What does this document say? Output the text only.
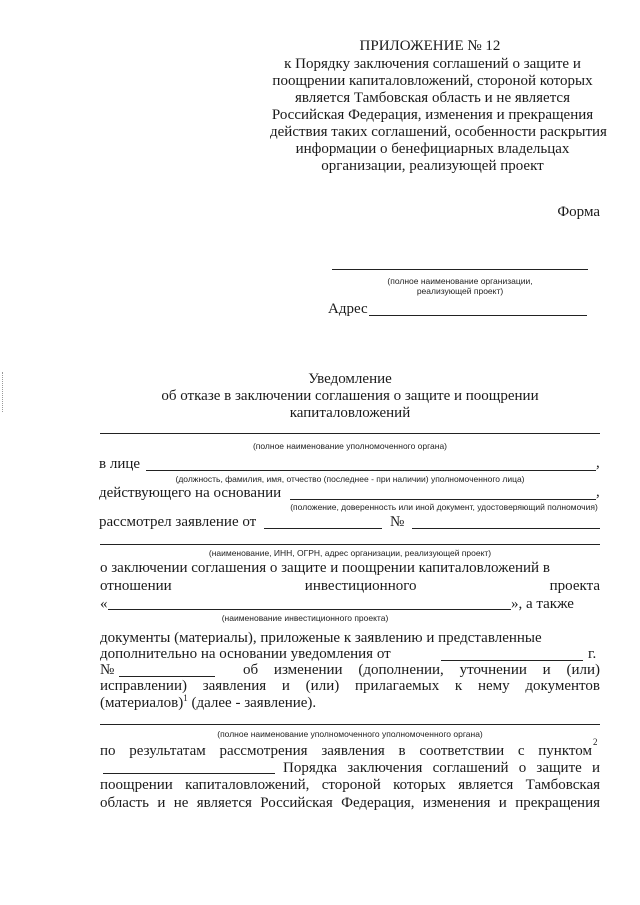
ПРИЛОЖЕНИЕ № 12
к Порядку заключения соглашений о защите и
поощрении капиталовложений, стороной которых
является Тамбовская область и не является
Российская Федерация, изменения и прекращения
действия таких соглашений, особенности раскрытия
информации о бенефициарных владельцах
организации, реализующей проект
Форма
(полное наименование организации,
реализующей проект)
Адрес
Уведомление
об отказе в заключении соглашения о защите и поощрении
капиталовложений
(полное наименование уполномоченного органа)
в лице	,
(должность, фамилия, имя, отчество (последнее - при наличии) уполномоченного лица)
действующего на основании	,
(положение, доверенность или иной документ, удостоверяющий полномочия)
рассмотрел заявление от	№
(наименование, ИНН, ОГРН, адрес организации, реализующей проект)
о заключении соглашения о защите и поощрении капиталовложений в
отношении	инвестиционного	проекта
«	», а также
(наименование инвестиционного проекта)
документы (материалы), приложеные к заявлению и представленные
дополнительно на основании уведомления от	г.
№	об изменении (дополнении, уточнении и (или)
исправлении) заявления и (или) прилагаемых к нему документов
(материалов)$^1$ (далее - заявление).
(полное наименование уполномоченного уполномоченного органа)
по результатам рассмотрения заявления в соответствии с пунктом
2
Порядка заключения соглашений о защите и
поощрении капиталовложений, стороной которых является Тамбовская
область и не является Российская Федерация, изменения и прекращения
